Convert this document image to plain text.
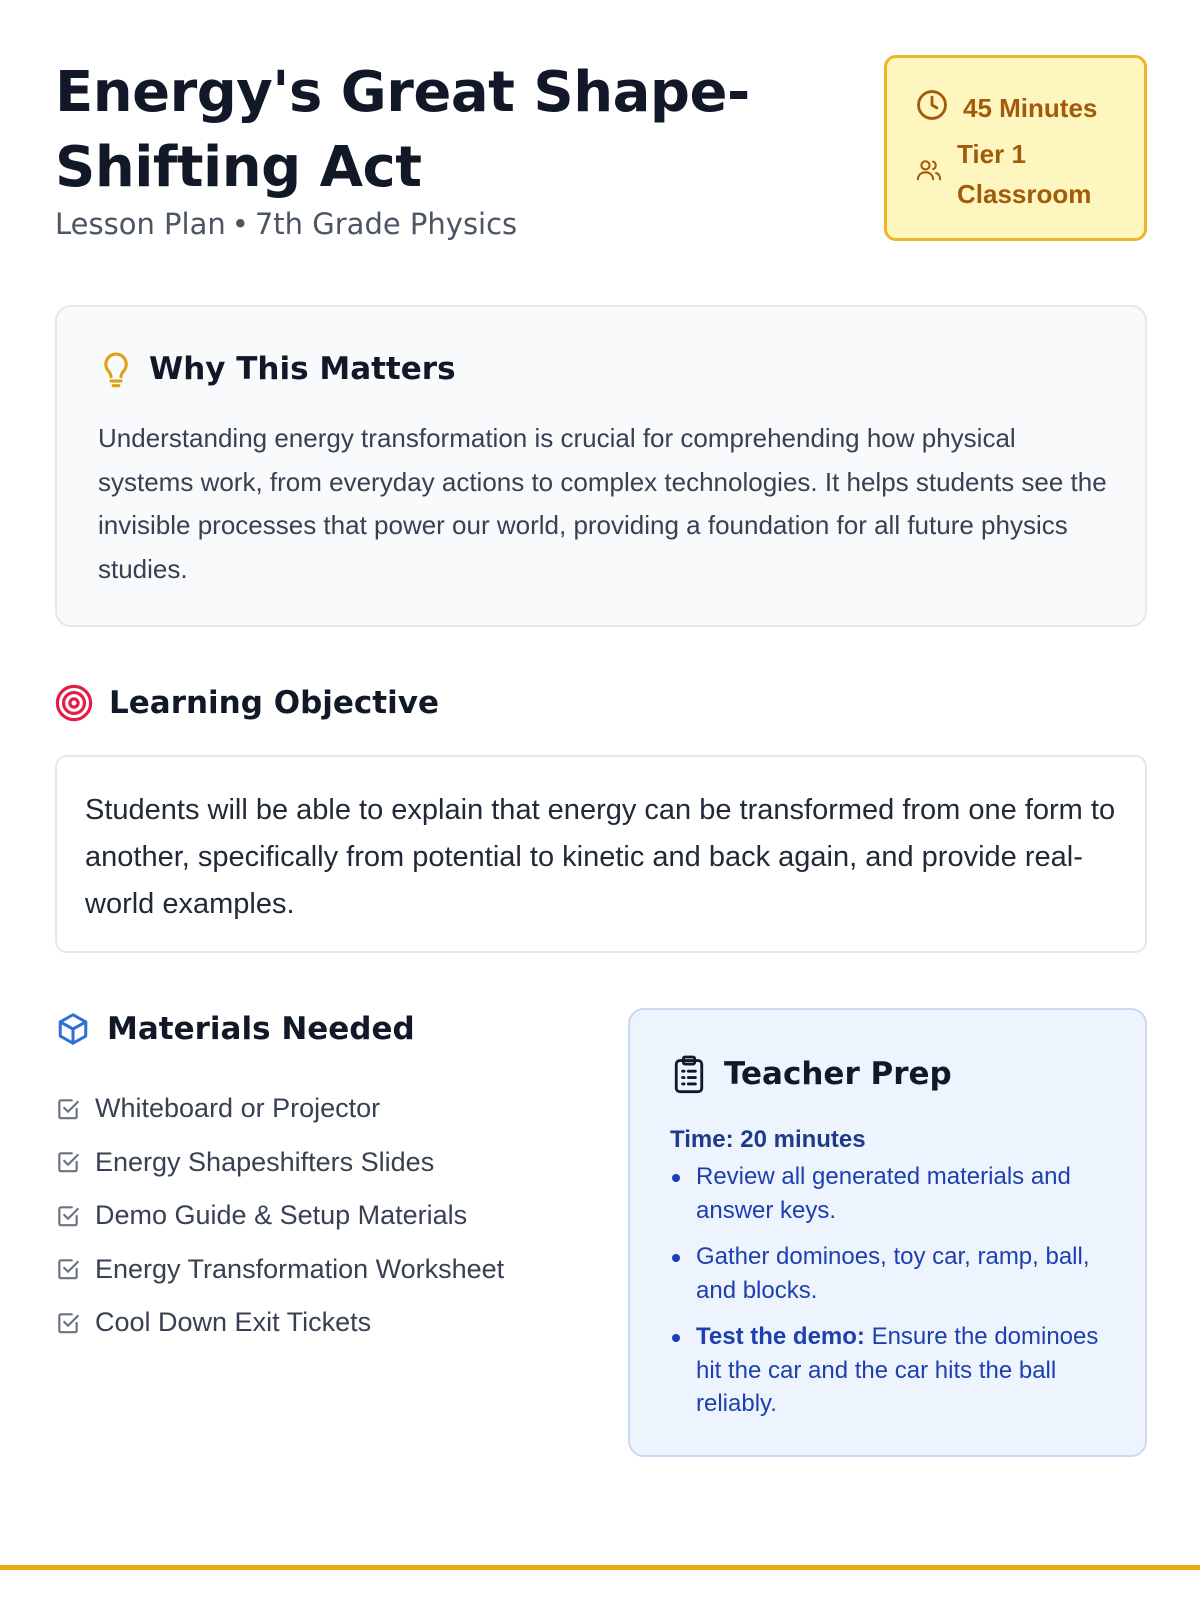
Energy's Great Shape-Shifting Act
Lesson Plan • 7th Grade Physics
45 Minutes
Tier 1 Classroom
Why This Matters

Understanding energy transformation is crucial for comprehending how physical systems work, from everyday actions to complex technologies. It helps students see the invisible processes that power our world, providing a foundation for all future physics studies.

Learning Objective

Students will be able to explain that energy can be transformed from one form to another, specifically from potential to kinetic and back again, and provide real-world examples.

Materials Needed
Whiteboard or Projector
Energy Shapeshifters Slides
Demo Guide & Setup Materials
Energy Transformation Worksheet
Cool Down Exit Tickets
Teacher Prep
Time: 20 minutes
Review all generated materials and answer keys.
Gather dominoes, toy car, ramp, ball, and blocks.
Test the demo: Ensure the dominoes hit the car and the car hits the ball reliably.
